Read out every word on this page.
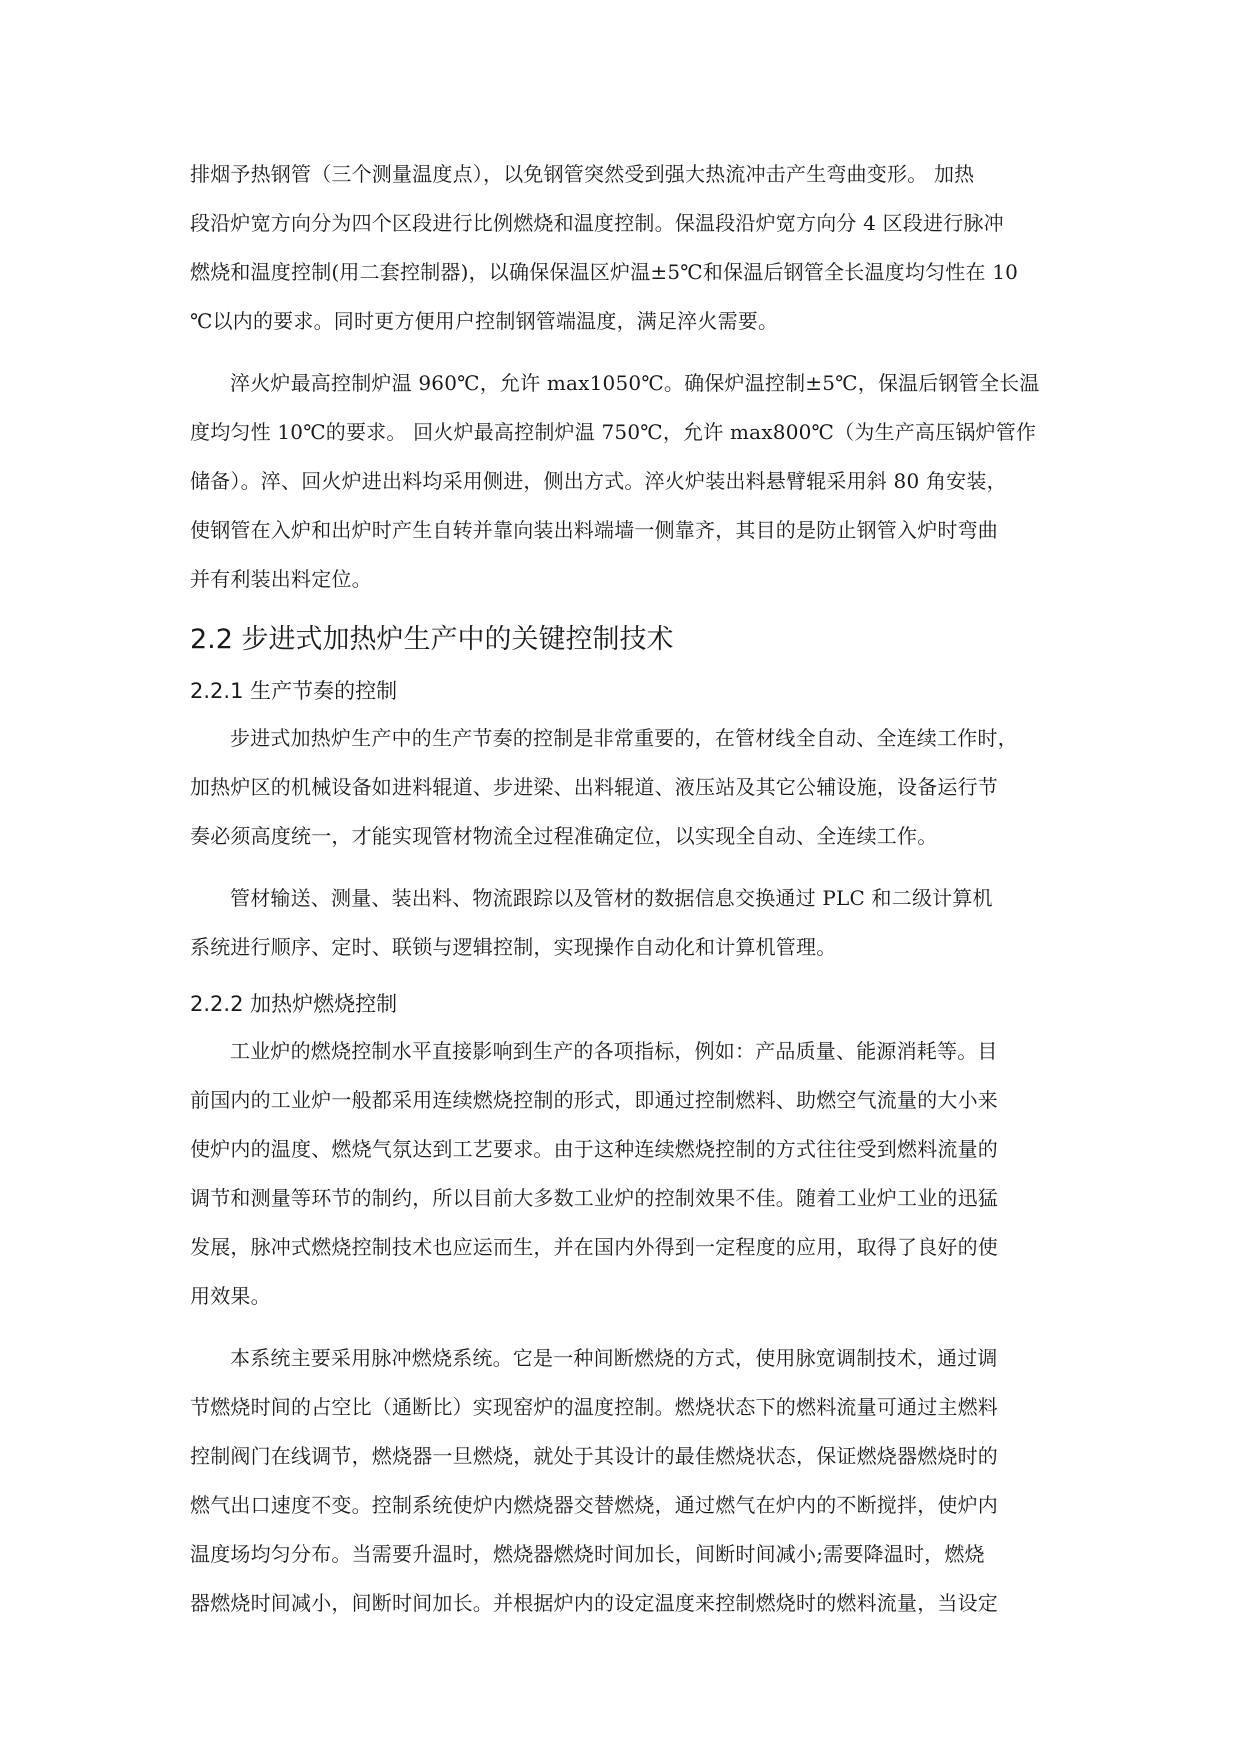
排烟予热钢管（三个测量温度点），以免钢管突然受到强大热流冲击产生弯曲变形。 加热
段沿炉宽方向分为四个区段进行比例燃烧和温度控制。保温段沿炉宽方向分 4 区段进行脉冲
燃烧和温度控制(用二套控制器)，以确保保温区炉温±5℃和保温后钢管全长温度均匀性在 10
℃以内的要求。同时更方便用户控制钢管端温度，满足淬火需要。
淬火炉最高控制炉温 960℃，允许 max1050℃。确保炉温控制±5℃，保温后钢管全长温
度均匀性 10℃的要求。 回火炉最高控制炉温 750℃，允许 max800℃（为生产高压锅炉管作
储备）。淬、回火炉进出料均采用侧进，侧出方式。淬火炉装出料悬臂辊采用斜 80 角安装，
使钢管在入炉和出炉时产生自转并靠向装出料端墙一侧靠齐，其目的是防止钢管入炉时弯曲
并有利装出料定位。
2.2 步进式加热炉生产中的关键控制技术
2.2.1 生产节奏的控制
步进式加热炉生产中的生产节奏的控制是非常重要的，在管材线全自动、全连续工作时，
加热炉区的机械设备如进料辊道、步进梁、出料辊道、液压站及其它公辅设施，设备运行节
奏必须高度统一，才能实现管材物流全过程准确定位，以实现全自动、全连续工作。
管材输送、测量、装出料、物流跟踪以及管材的数据信息交换通过 PLC 和二级计算机
系统进行顺序、定时、联锁与逻辑控制，实现操作自动化和计算机管理。
2.2.2 加热炉燃烧控制
工业炉的燃烧控制水平直接影响到生产的各项指标，例如：产品质量、能源消耗等。目
前国内的工业炉一般都采用连续燃烧控制的形式，即通过控制燃料、助燃空气流量的大小来
使炉内的温度、燃烧气氛达到工艺要求。由于这种连续燃烧控制的方式往往受到燃料流量的
调节和测量等环节的制约，所以目前大多数工业炉的控制效果不佳。随着工业炉工业的迅猛
发展，脉冲式燃烧控制技术也应运而生，并在国内外得到一定程度的应用，取得了良好的使
用效果。
本系统主要采用脉冲燃烧系统。它是一种间断燃烧的方式，使用脉宽调制技术，通过调
节燃烧时间的占空比（通断比）实现窑炉的温度控制。燃烧状态下的燃料流量可通过主燃料
控制阀门在线调节，燃烧器一旦燃烧，就处于其设计的最佳燃烧状态，保证燃烧器燃烧时的
燃气出口速度不变。控制系统使炉内燃烧器交替燃烧，通过燃气在炉内的不断搅拌，使炉内
温度场均匀分布。当需要升温时，燃烧器燃烧时间加长，间断时间减小;需要降温时，燃烧
器燃烧时间减小，间断时间加长。并根据炉内的设定温度来控制燃烧时的燃料流量，当设定
